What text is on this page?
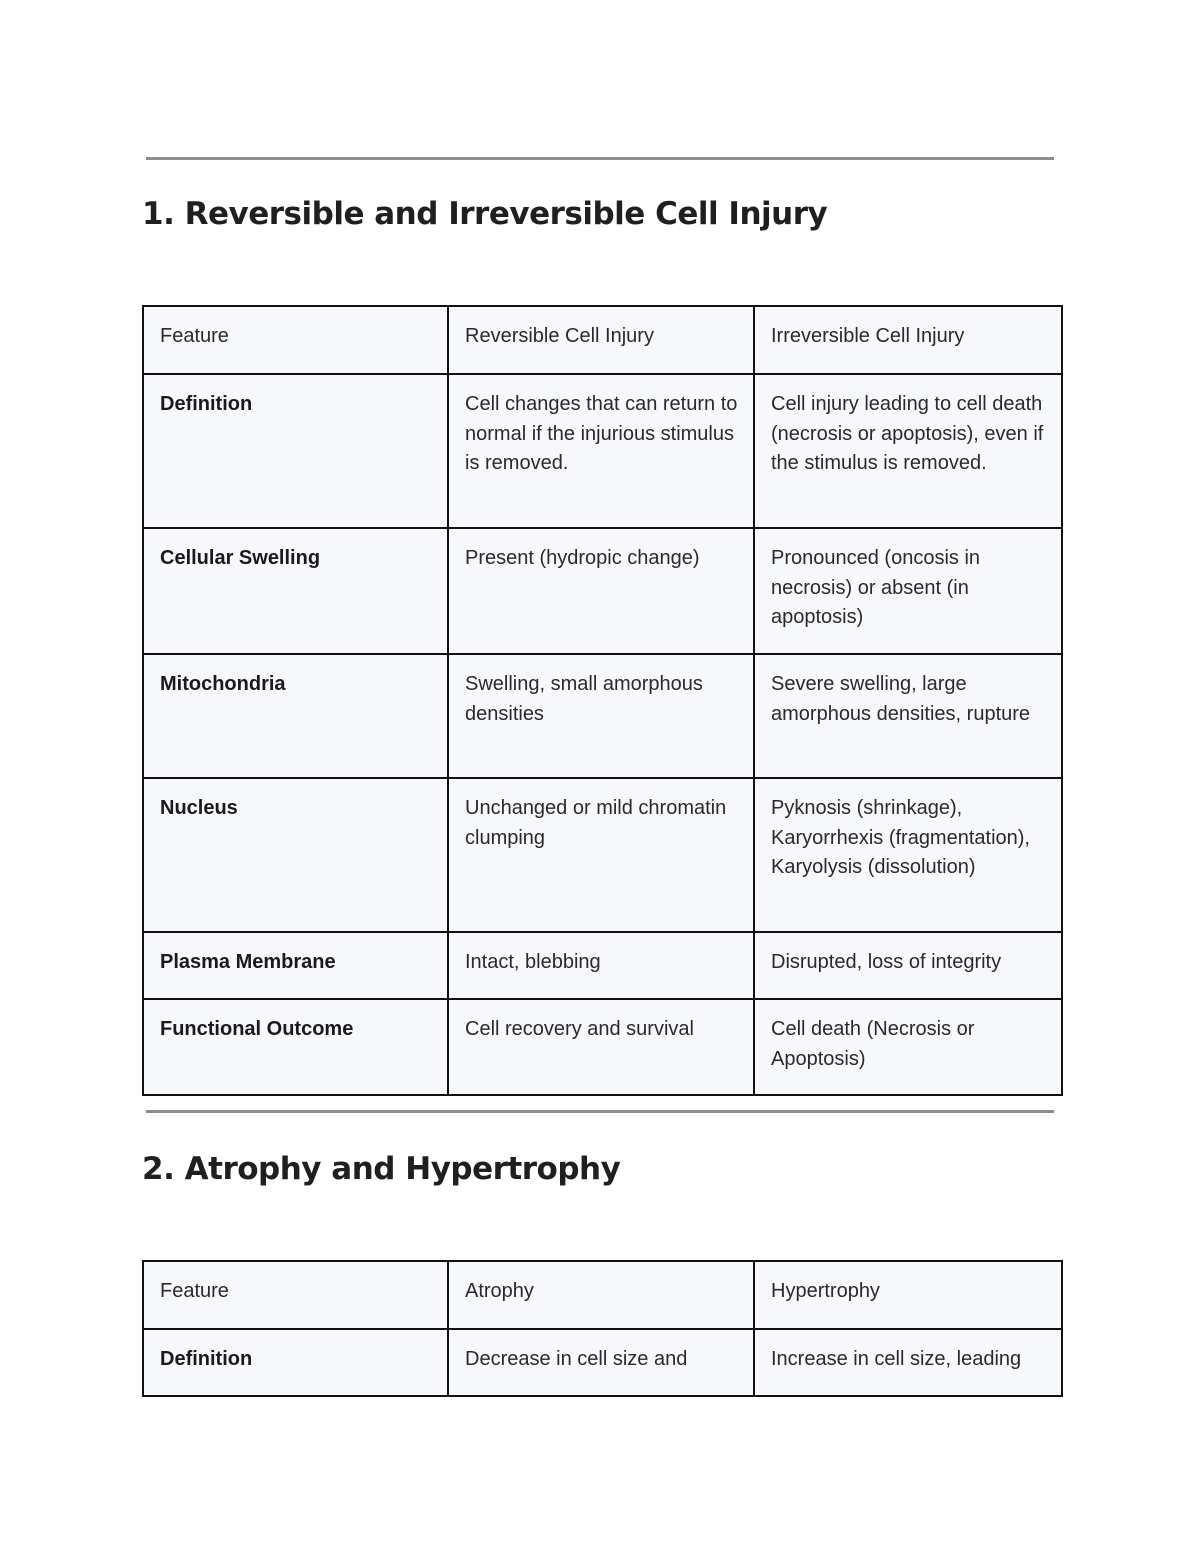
1. Reversible and Irreversible Cell Injury
Feature	Reversible Cell Injury	Irreversible Cell Injury
Definition	Cell changes that can return to normal if the injurious stimulus is removed.	Cell injury leading to cell death (necrosis or apoptosis), even if the stimulus is removed.
Cellular Swelling	Present (hydropic change)	Pronounced (oncosis in necrosis) or absent (in apoptosis)
Mitochondria	Swelling, small amorphous densities	Severe swelling, large amorphous densities, rupture
Nucleus	Unchanged or mild chromatin clumping	Pyknosis (shrinkage), Karyorrhexis (fragmentation), Karyolysis (dissolution)
Plasma Membrane	Intact, blebbing	Disrupted, loss of integrity
Functional Outcome	Cell recovery and survival	Cell death (Necrosis or Apoptosis)
2. Atrophy and Hypertrophy
Feature	Atrophy	Hypertrophy
Definition	Decrease in cell size and	Increase in cell size, leading
